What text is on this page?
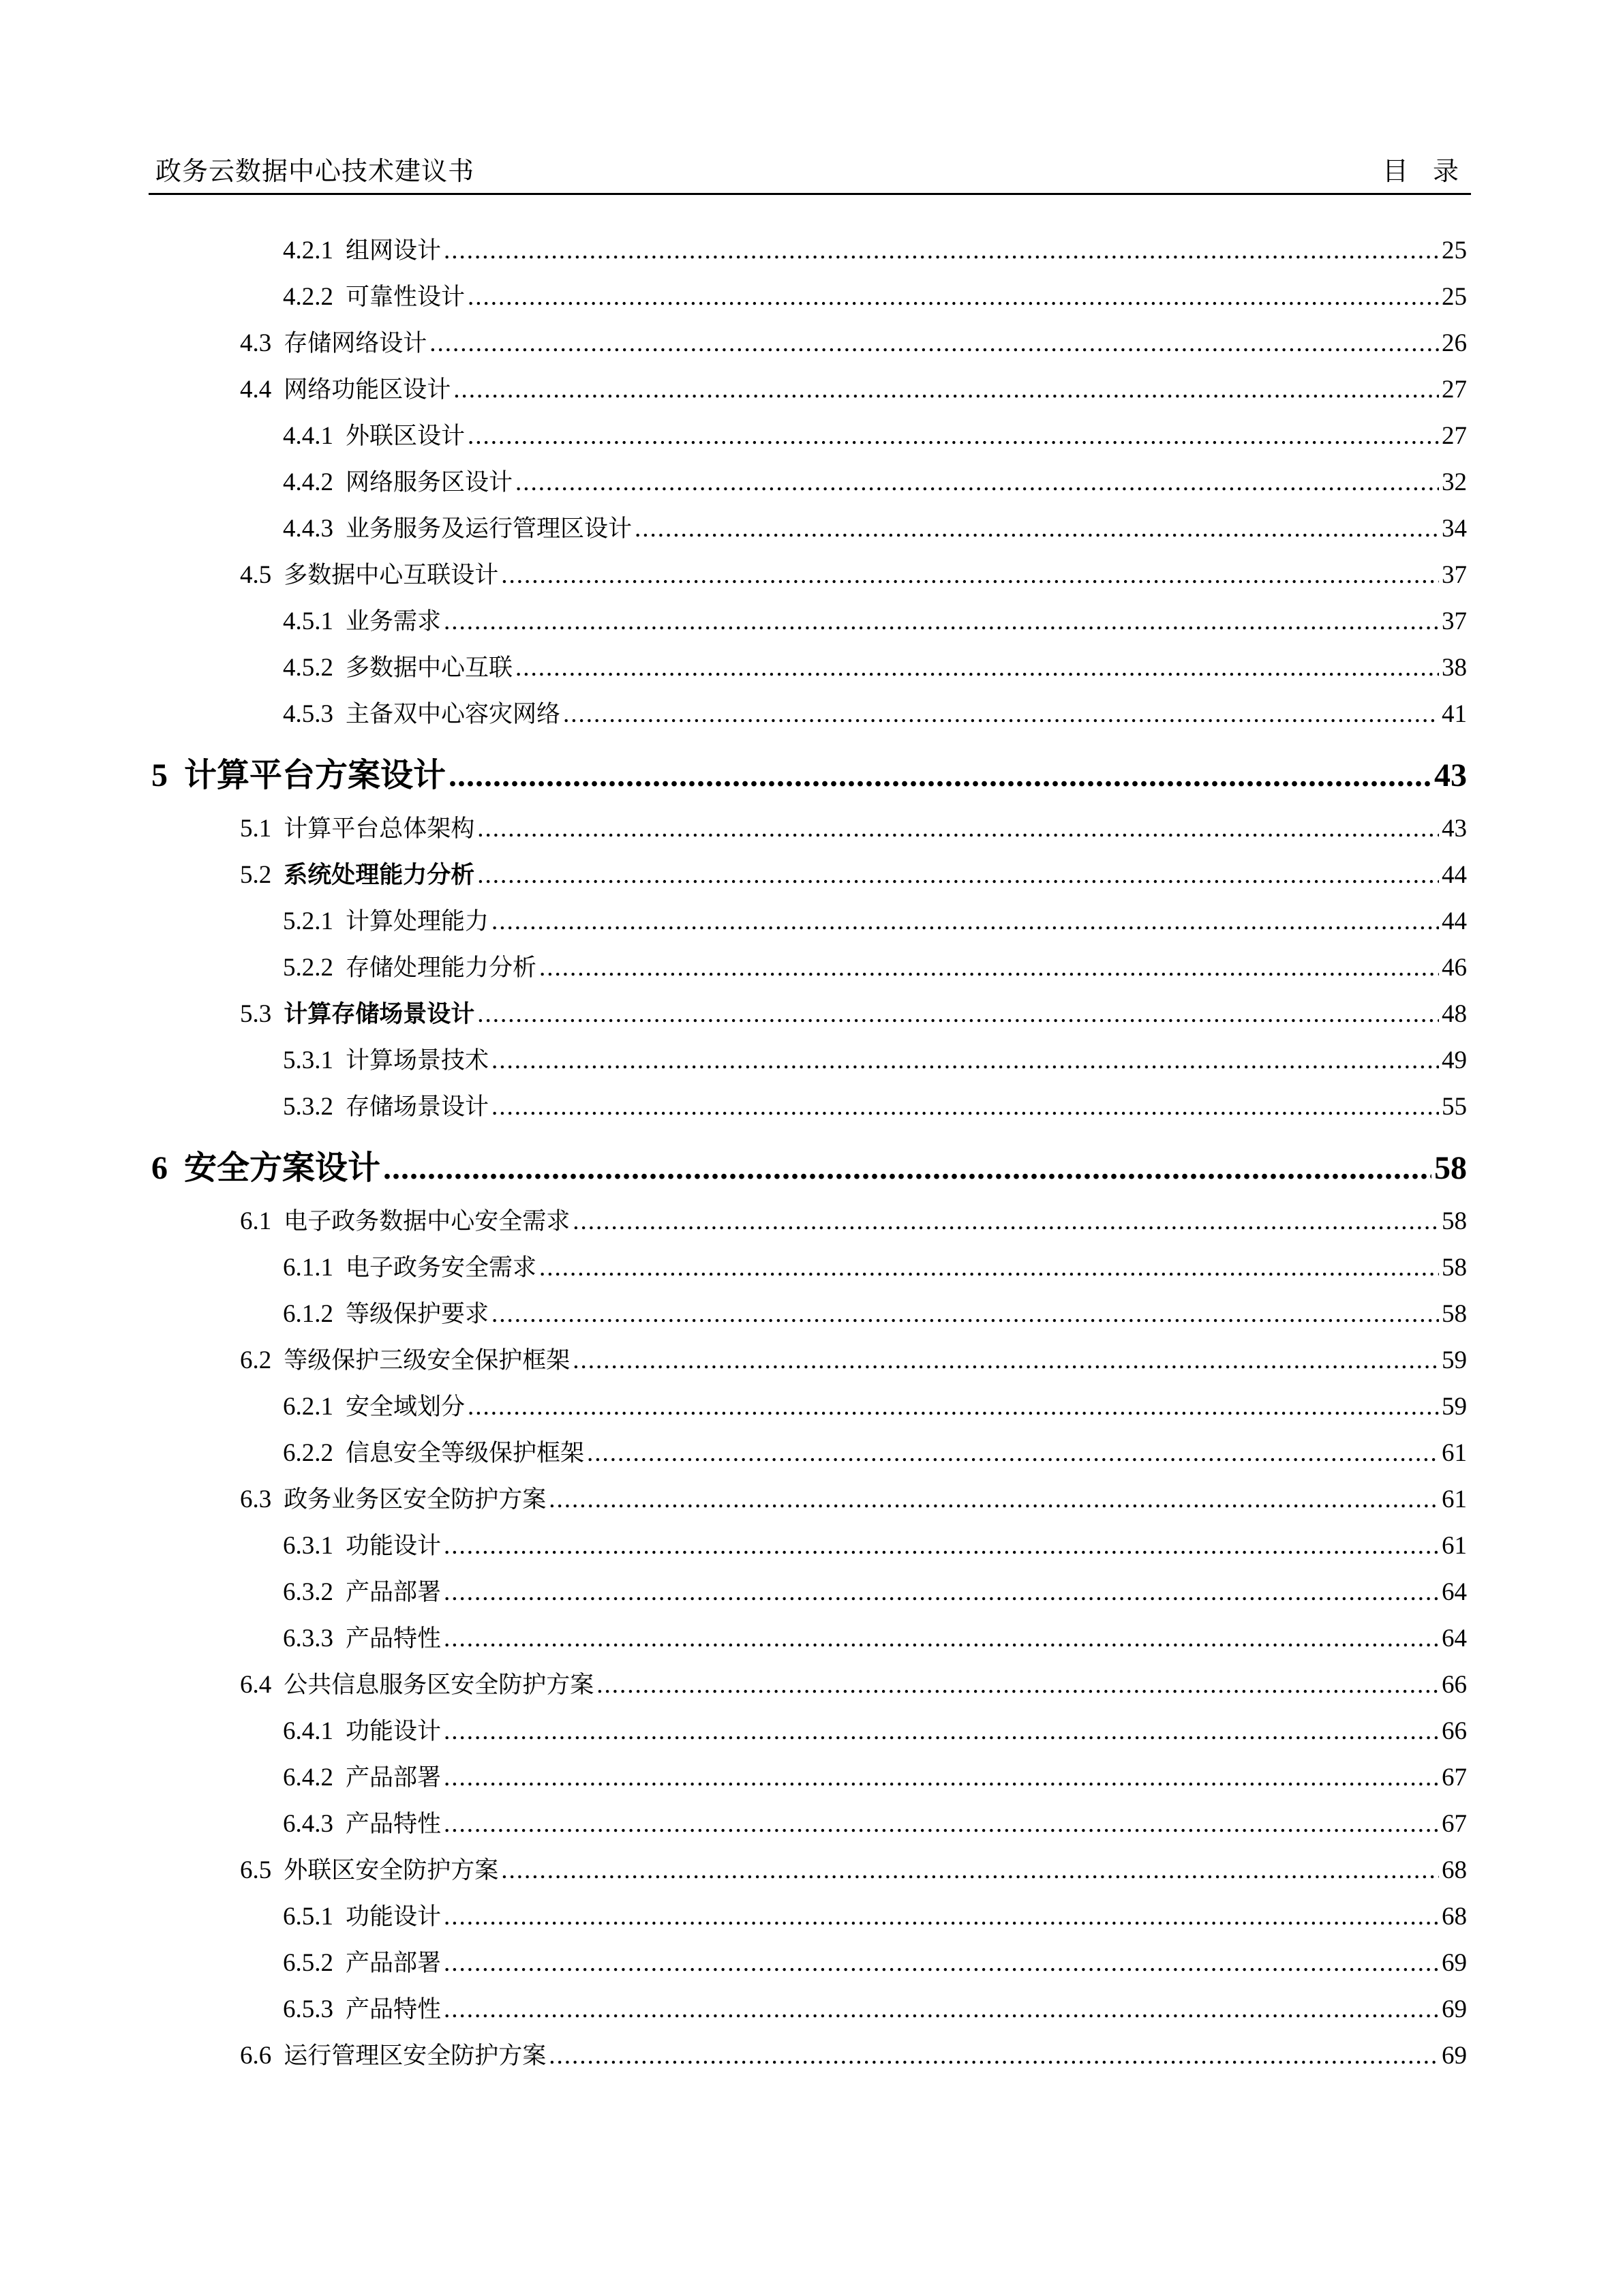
政务云数据中心技术建议书	目 录
4.2.1 组网设计 .....	25
4.2.2 可靠性设计 .....	25
4.3 存储网络设计 .....	26
4.4 网络功能区设计 .....	27
4.4.1 外联区设计 .....	27
4.4.2 网络服务区设计 .....	32
4.4.3 业务服务及运行管理区设计 .....	34
4.5 多数据中心互联设计 .....	37
4.5.1 业务需求 .....	37
4.5.2 多数据中心互联 .....	38
4.5.3 主备双中心容灾网络 .....	41
5 计算平台方案设计 .....	43
5.1 计算平台总体架构 .....	43
5.2 系统处理能力分析 .....	44
5.2.1 计算处理能力 .....	44
5.2.2 存储处理能力分析 .....	46
5.3 计算存储场景设计 .....	48
5.3.1 计算场景技术 .....	49
5.3.2 存储场景设计 .....	55
6 安全方案设计 .....	58
6.1 电子政务数据中心安全需求 .....	58
6.1.1 电子政务安全需求 .....	58
6.1.2 等级保护要求 .....	58
6.2 等级保护三级安全保护框架 .....	59
6.2.1 安全域划分 .....	59
6.2.2 信息安全等级保护框架 .....	61
6.3 政务业务区安全防护方案 .....	61
6.3.1 功能设计 .....	61
6.3.2 产品部署 .....	64
6.3.3 产品特性 .....	64
6.4 公共信息服务区安全防护方案 .....	66
6.4.1 功能设计 .....	66
6.4.2 产品部署 .....	67
6.4.3 产品特性 .....	67
6.5 外联区安全防护方案 .....	68
6.5.1 功能设计 .....	68
6.5.2 产品部署 .....	69
6.5.3 产品特性 .....	69
6.6 运行管理区安全防护方案 .....	69
